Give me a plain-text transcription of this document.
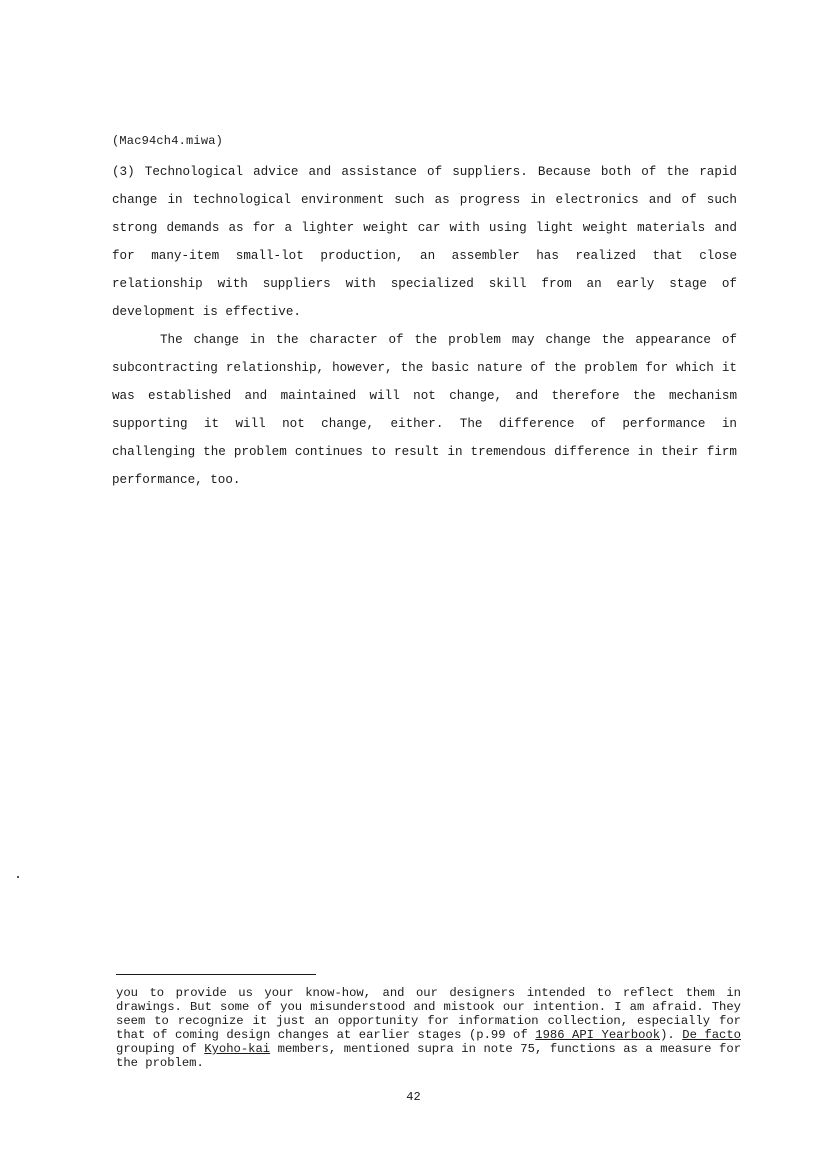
(Mac94ch4.miwa)

(3) Technological advice and assistance of suppliers. Because both of the rapid change in technological environment such as progress in electronics and of such strong demands as for a lighter weight car with using light weight materials and for many-item small-lot production, an assembler has realized that close relationship with suppliers with specialized skill from an early stage of development is effective.

The change in the character of the problem may change the appearance of subcontracting relationship, however, the basic nature of the problem for which it was established and maintained will not change, and therefore the mechanism supporting it will not change, either. The difference of performance in challenging the problem continues to result in tremendous difference in their firm performance, too.

you to provide us your know-how, and our designers intended to reflect them in drawings. But some of you misunderstood and mistook our intention. I am afraid. They seem to recognize it just an opportunity for information collection, especially for that of coming design changes at earlier stages (p.99 of 1986 API Yearbook). De facto grouping of Kyoho-kai members, mentioned supra in note 75, functions as a measure for the problem.
42
